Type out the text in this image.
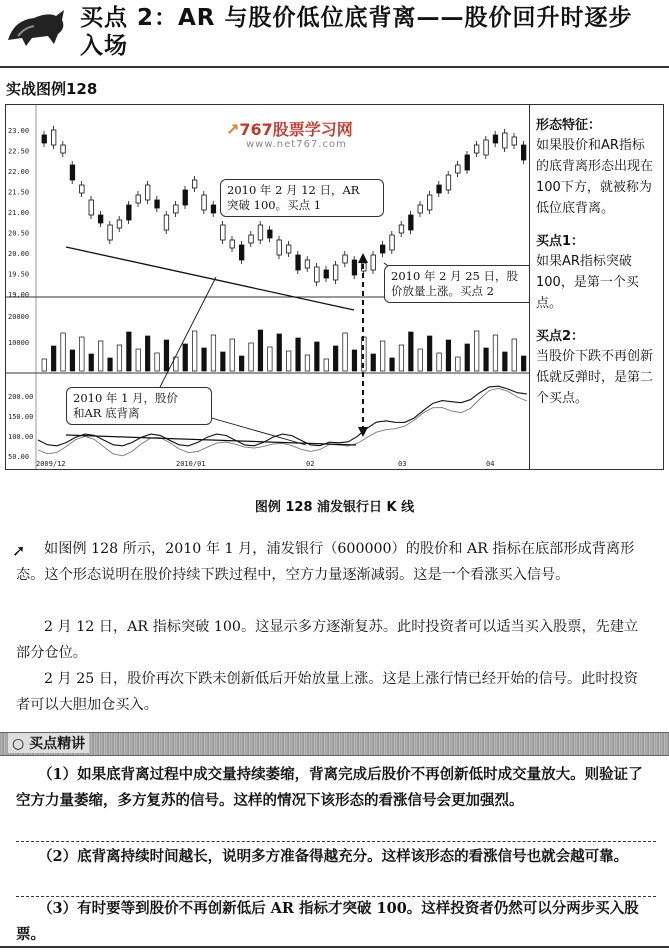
买点 2：AR 与股价低位底背离——股价回升时逐步
入场
实战图例128
23.00
22.50
22.00
21.50
21.00
20.50
20.00
19.50
19.00
20000
10000
200.00
150.00
100.00
50.00
2009/12	2010/01	02	03	04
↗767股票学习网
www.net767.com
2010 年 2 月 12 日，AR
突破 100。买点 1
2010 年 2 月 25 日，股
价放量上涨。买点 2
2010 年 1 月，股价
和AR 底背离

形态特征：

如果股价和AR指标的底背离形态出现在100下方，就被称为低位底背离。

买点1：

如果AR指标突破100，是第一个买点。

买点2：

当股价下跌不再创新低就反弹时，是第二个买点。

图例 128 浦发银行日 K 线
➚ 如图例 128 所示，2010 年 1 月，浦发银行（600000）的股价和 AR 指标在底部形成背离形态。这个形态说明在股价持续下跌过程中，空方力量逐渐减弱。这是一个看涨买入信号。
2 月 12 日，AR 指标突破 100。这显示多方逐渐复苏。此时投资者可以适当买入股票，先建立部分仓位。
2 月 25 日，股价再次下跌未创新低后开始放量上涨。这是上涨行情已经开始的信号。此时投资者可以大胆加仓买入。
○ 买点精讲
（1）如果底背离过程中成交量持续萎缩，背离完成后股价不再创新低时成交量放大。则验证了空方力量萎缩，多方复苏的信号。这样的情况下该形态的看涨信号会更加强烈。
（2）底背离持续时间越长，说明多方准备得越充分。这样该形态的看涨信号也就会越可靠。
（3）有时要等到股价不再创新低后 AR 指标才突破 100。这样投资者仍然可以分两步买入股票。
